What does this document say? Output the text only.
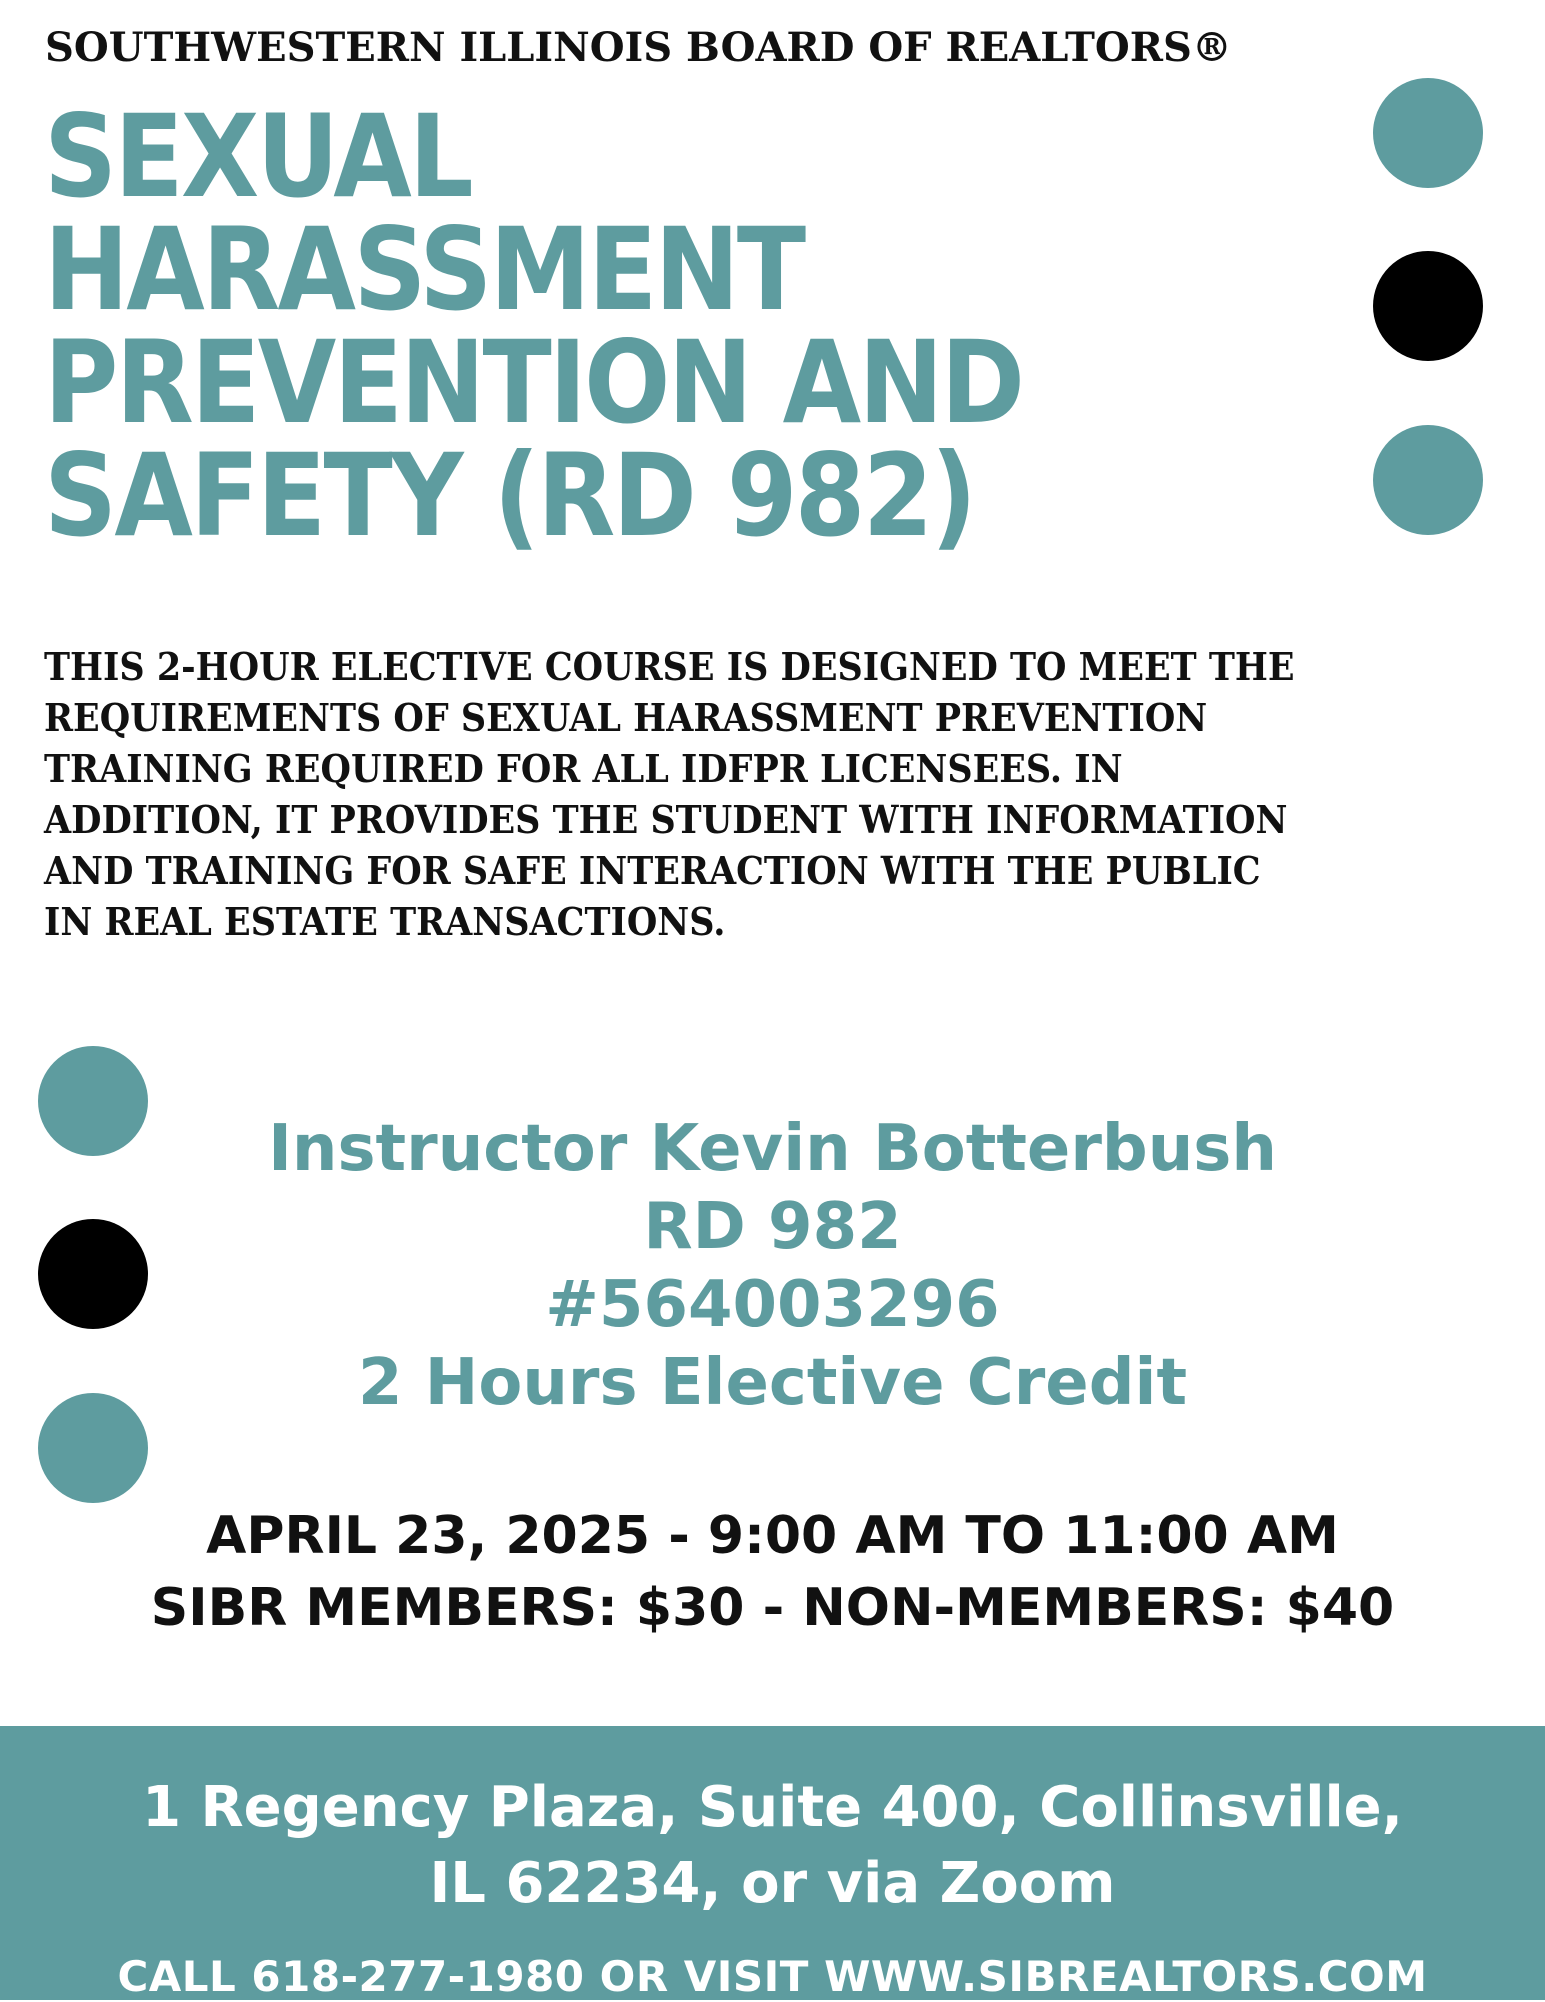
SOUTHWESTERN ILLINOIS BOARD OF REALTORS®
SEXUAL
HARASSMENT
PREVENTION AND
SAFETY (RD 982)
THIS 2-HOUR ELECTIVE COURSE IS DESIGNED TO MEET THE
REQUIREMENTS OF SEXUAL HARASSMENT PREVENTION
TRAINING REQUIRED FOR ALL IDFPR LICENSEES. IN
ADDITION, IT PROVIDES THE STUDENT WITH INFORMATION
AND TRAINING FOR SAFE INTERACTION WITH THE PUBLIC
IN REAL ESTATE TRANSACTIONS.
Instructor Kevin Botterbush
RD 982
#564003296
2 Hours Elective Credit
APRIL 23, 2025 - 9:00 AM TO 11:00 AM
SIBR MEMBERS: $30 - NON-MEMBERS: $40
1 Regency Plaza, Suite 400, Collinsville,
IL 62234, or via Zoom
CALL 618-277-1980 OR VISIT WWW.SIBREALTORS.COM
